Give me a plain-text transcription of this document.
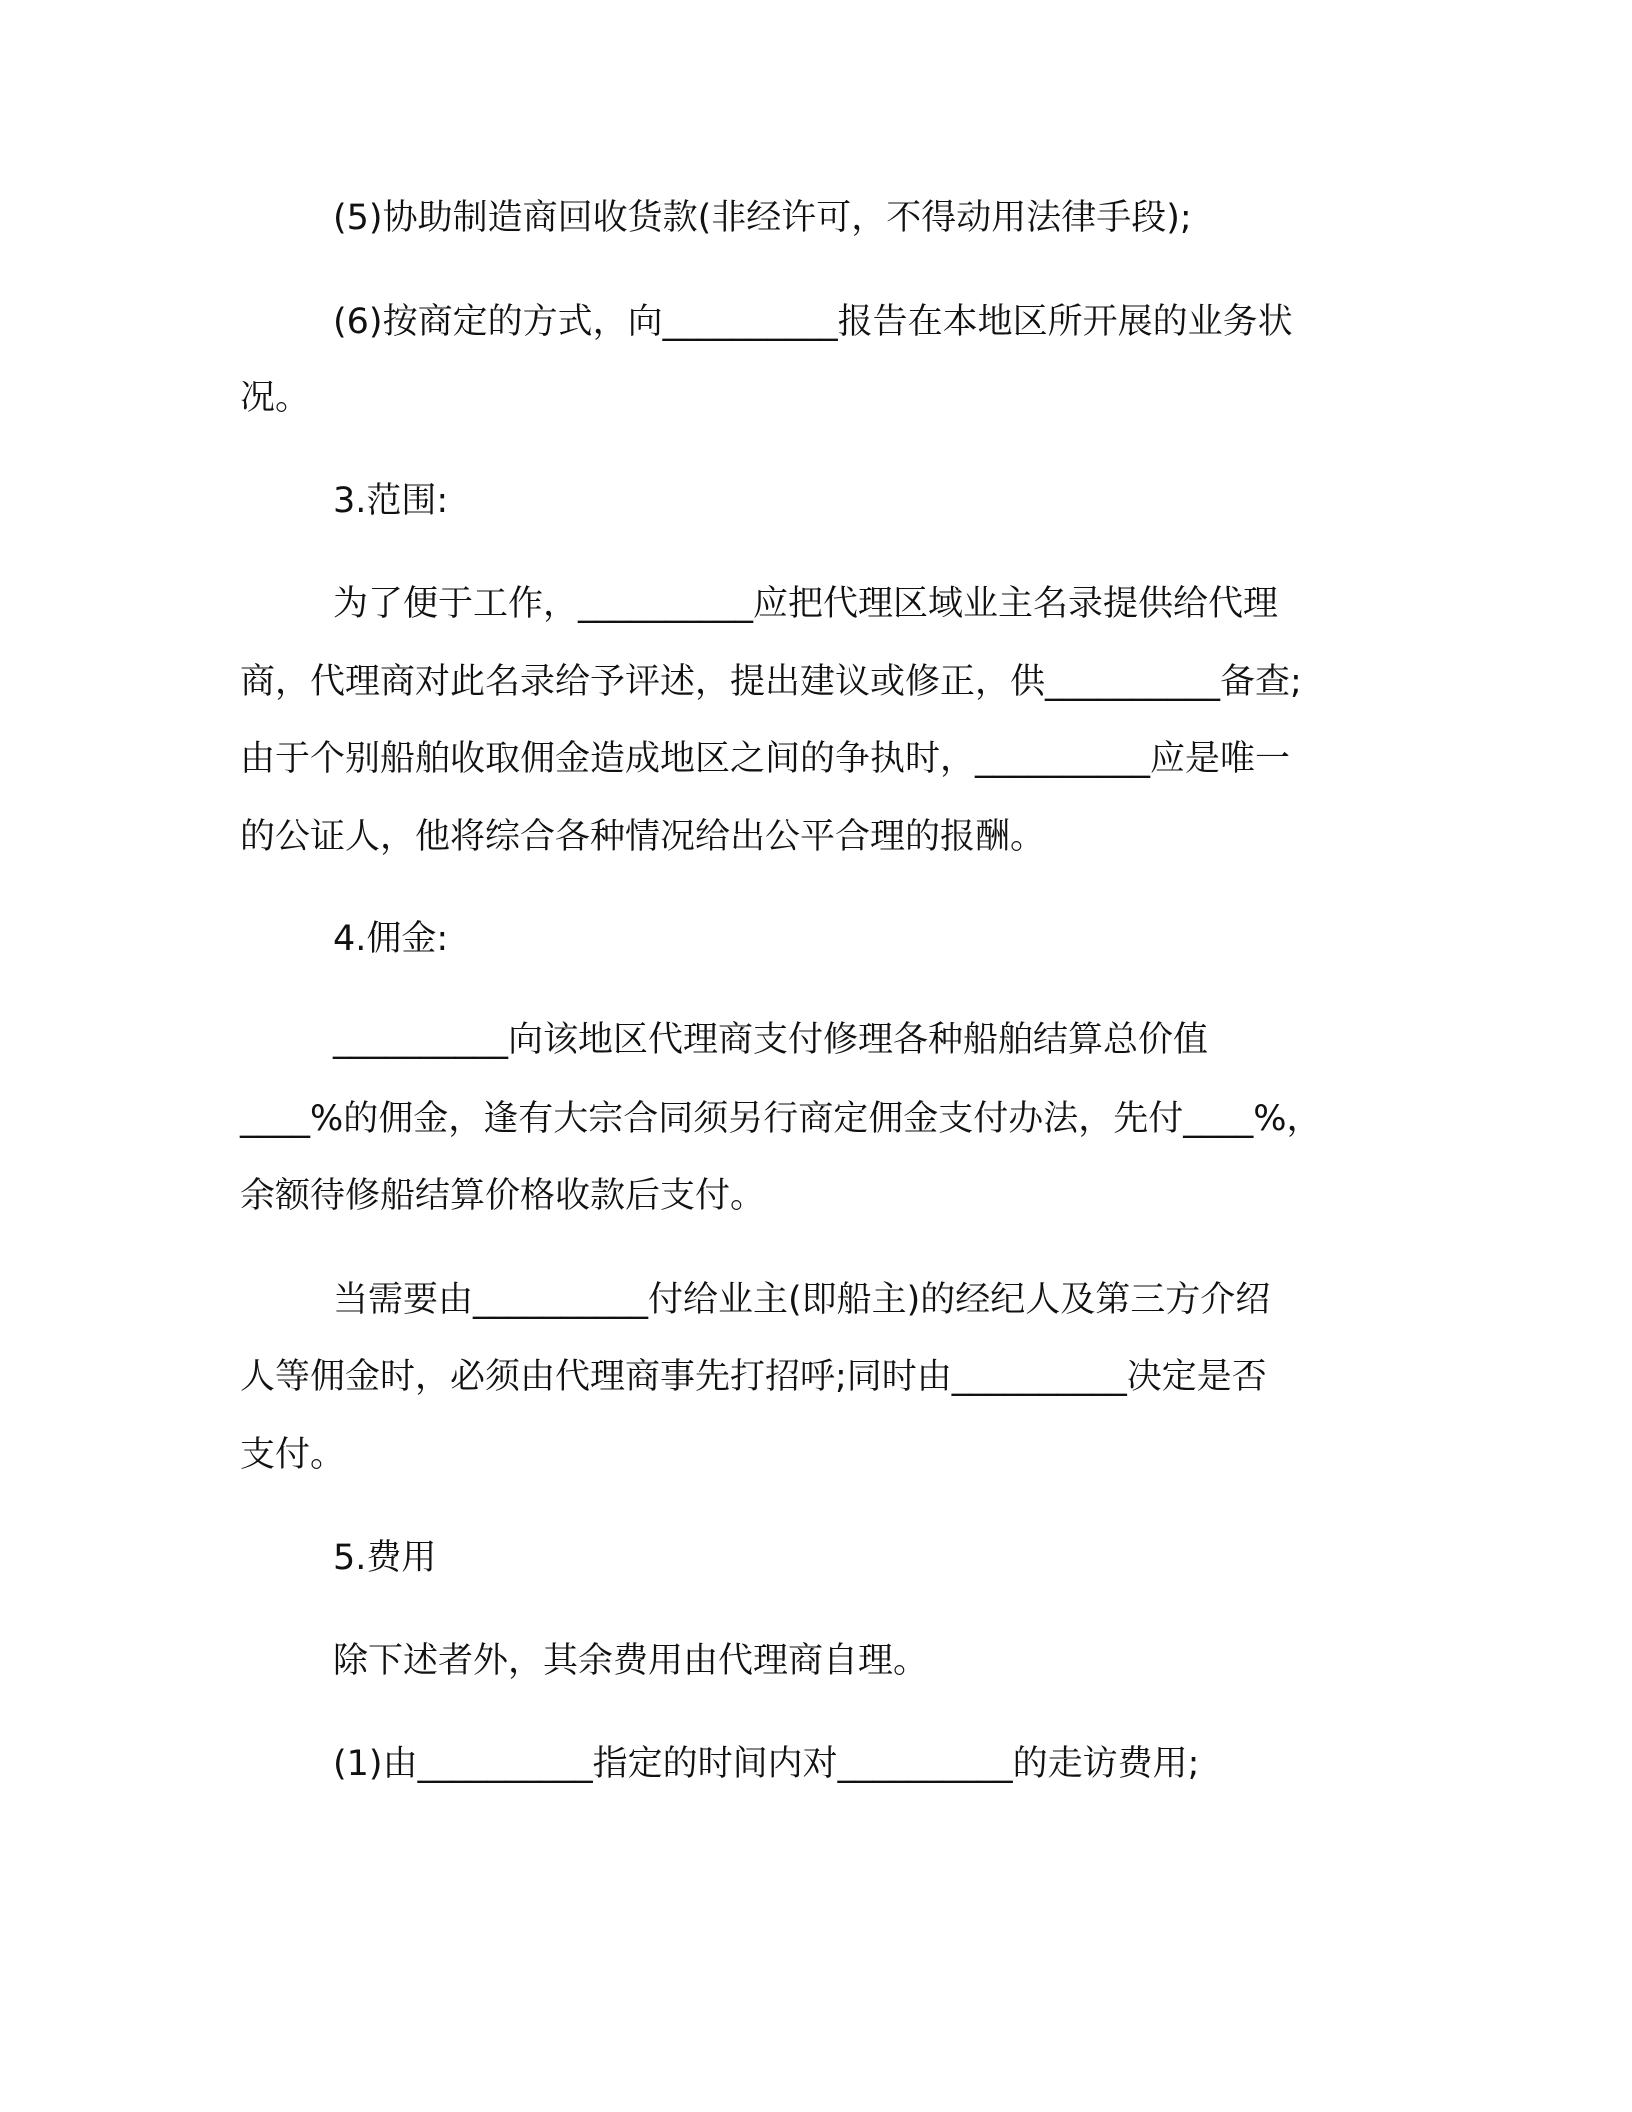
(5)协助制造商回收货款(非经许可，不得动用法律手段);
(6)按商定的方式，向__________报告在本地区所开展的业务状
况。
3.范围:
为了便于工作，__________应把代理区域业主名录提供给代理
商，代理商对此名录给予评述，提出建议或修正，供__________备查;
由于个别船舶收取佣金造成地区之间的争执时，__________应是唯一
的公证人，他将综合各种情况给出公平合理的报酬。
4.佣金:
__________向该地区代理商支付修理各种船舶结算总价值
____%的佣金，逢有大宗合同须另行商定佣金支付办法，先付____%，
余额待修船结算价格收款后支付。
当需要由__________付给业主(即船主)的经纪人及第三方介绍
人等佣金时，必须由代理商事先打招呼;同时由__________决定是否
支付。
5.费用
除下述者外，其余费用由代理商自理。
(1)由__________指定的时间内对__________的走访费用;
